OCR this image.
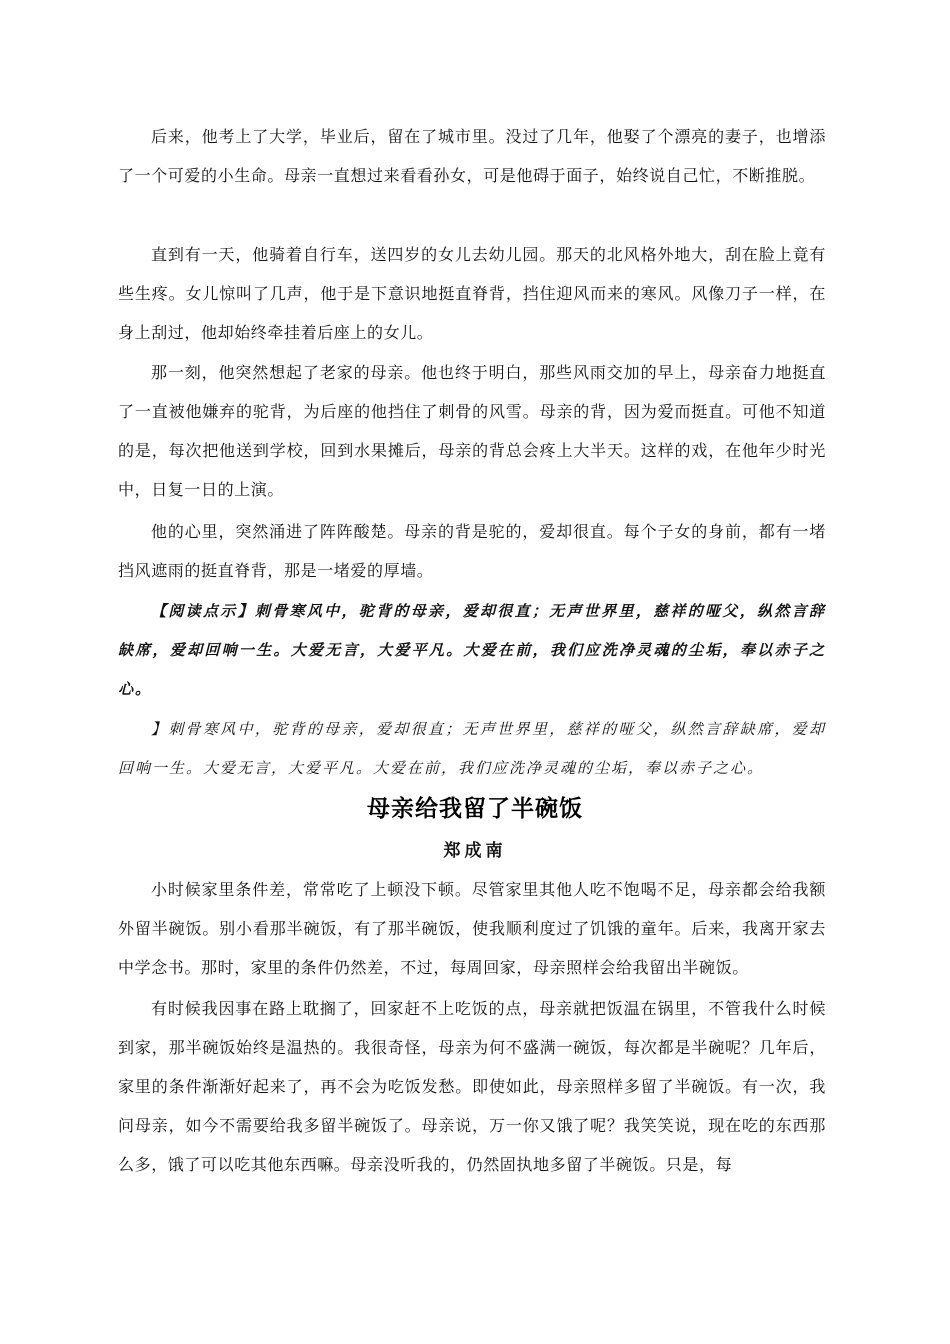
后来，他考上了大学，毕业后，留在了城市里。没过了几年，他娶了个漂亮的妻子，也增添了一个可爱的小生命。母亲一直想过来看看孙女，可是他碍于面子，始终说自己忙，不断推脱。

直到有一天，他骑着自行车，送四岁的女儿去幼儿园。那天的北风格外地大，刮在脸上竟有些生疼。女儿惊叫了几声，他于是下意识地挺直脊背，挡住迎风而来的寒风。风像刀子一样，在身上刮过，他却始终牵挂着后座上的女儿。

那一刻，他突然想起了老家的母亲。他也终于明白，那些风雨交加的早上，母亲奋力地挺直了一直被他嫌弃的驼背，为后座的他挡住了刺骨的风雪。母亲的背，因为爱而挺直。可他不知道的是，每次把他送到学校，回到水果摊后，母亲的背总会疼上大半天。这样的戏，在他年少时光中，日复一日的上演。

他的心里，突然涌进了阵阵酸楚。母亲的背是驼的，爱却很直。每个子女的身前，都有一堵挡风遮雨的挺直脊背，那是一堵爱的厚墙。

【阅读点示】刺骨寒风中，驼背的母亲，爱却很直；无声世界里，慈祥的哑父，纵然言辞缺席，爱却回响一生。大爱无言，大爱平凡。大爱在前，我们应洗净灵魂的尘垢，奉以赤子之心。

】刺骨寒风中，驼背的母亲，爱却很直；无声世界里，慈祥的哑父，纵然言辞缺席，爱却回响一生。大爱无言，大爱平凡。大爱在前，我们应洗净灵魂的尘垢，奉以赤子之心。

母亲给我留了半碗饭
郑成南

小时候家里条件差，常常吃了上顿没下顿。尽管家里其他人吃不饱喝不足，母亲都会给我额外留半碗饭。别小看那半碗饭，有了那半碗饭，使我顺利度过了饥饿的童年。后来，我离开家去中学念书。那时，家里的条件仍然差，不过，每周回家，母亲照样会给我留出半碗饭。

有时候我因事在路上耽搁了，回家赶不上吃饭的点，母亲就把饭温在锅里，不管我什么时候到家，那半碗饭始终是温热的。我很奇怪，母亲为何不盛满一碗饭，每次都是半碗呢？几年后，家里的条件渐渐好起来了，再不会为吃饭发愁。即使如此，母亲照样多留了半碗饭。有一次，我问母亲，如今不需要给我多留半碗饭了。母亲说，万一你又饿了呢？我笑笑说，现在吃的东西那么多，饿了可以吃其他东西嘛。母亲没听我的，仍然固执地多留了半碗饭。只是，每
